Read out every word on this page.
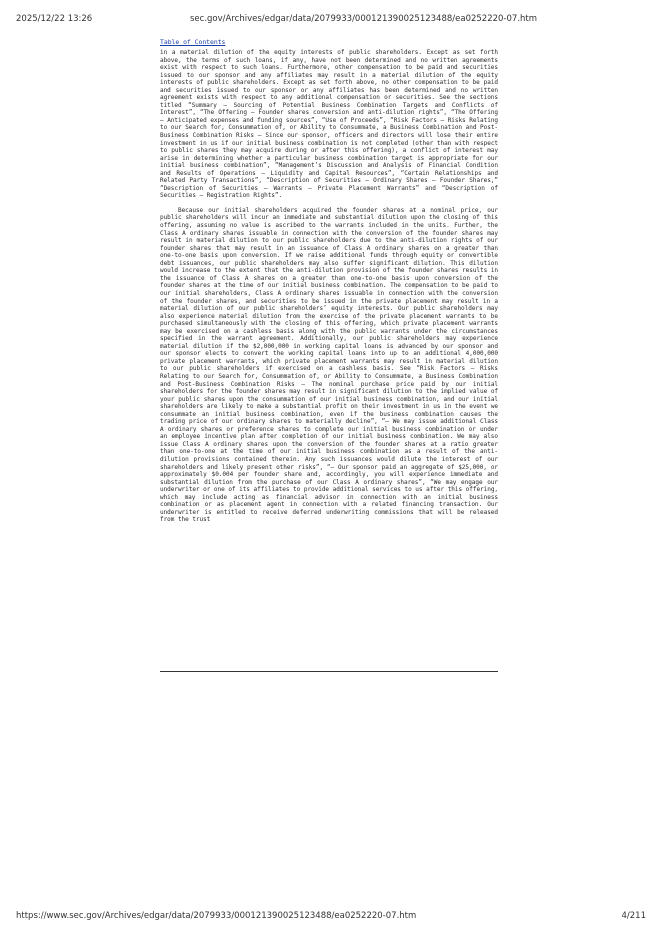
2025/12/22 13:26	sec.gov/Archives/edgar/data/2079933/000121390025123488/ea0252220-07.htm
Table of Contents

in a material dilution of the equity interests of public shareholders. Except as set forth above, the terms of such loans, if any, have not been determined and no written agreements exist with respect to such loans. Furthermore, other compensation to be paid and securities issued to our sponsor and any affiliates may result in a material dilution of the equity interests of public shareholders. Except as set forth above, no other compensation to be paid and securities issued to our sponsor or any affiliates has been determined and no written agreement exists with respect to any additional compensation or securities. See the sections titled “Summary — Sourcing of Potential Business Combination Targets and Conflicts of Interest”, “The Offering — Founder shares conversion and anti-dilution rights”, “The Offering — Anticipated expenses and funding sources”, “Use of Proceeds”, “Risk Factors — Risks Relating to our Search for, Consummation of, or Ability to Consummate, a Business Combination and Post-Business Combination Risks — Since our sponsor, officers and directors will lose their entire investment in us if our initial business combination is not completed (other than with respect to public shares they may acquire during or after this offering), a conflict of interest may arise in determining whether a particular business combination target is appropriate for our initial business combination”, “Management’s Discussion and Analysis of Financial Condition and Results of Operations — Liquidity and Capital Resources”, “Certain Relationships and Related Party Transactions”, “Description of Securities — Ordinary Shares — Founder Shares,” “Description of Securities — Warrants — Private Placement Warrants” and “Description of Securities — Registration Rights”.

Because our initial shareholders acquired the founder shares at a nominal price, our public shareholders will incur an immediate and substantial dilution upon the closing of this offering, assuming no value is ascribed to the warrants included in the units. Further, the Class A ordinary shares issuable in connection with the conversion of the founder shares may result in material dilution to our public shareholders due to the anti-dilution rights of our founder shares that may result in an issuance of Class A ordinary shares on a greater than one-to-one basis upon conversion. If we raise additional funds through equity or convertible debt issuances, our public shareholders may also suffer significant dilution. This dilution would increase to the extent that the anti-dilution provision of the founder shares results in the issuance of Class A shares on a greater than one-to-one basis upon conversion of the founder shares at the time of our initial business combination. The compensation to be paid to our initial shareholders, Class A ordinary shares issuable in connection with the conversion of the founder shares, and securities to be issued in the private placement may result in a material dilution of our public shareholders’ equity interests. Our public shareholders may also experience material dilution from the exercise of the private placement warrants to be purchased simultaneously with the closing of this offering, which private placement warrants may be exercised on a cashless basis along with the public warrants under the circumstances specified in the warrant agreement. Additionally, our public shareholders may experience material dilution if the $2,000,000 in working capital loans is advanced by our sponsor and our sponsor elects to convert the working capital loans into up to an additional 4,000,000 private placement warrants, which private placement warrants may result in material dilution to our public shareholders if exercised on a cashless basis. See “Risk Factors — Risks Relating to our Search for, Consummation of, or Ability to Consummate, a Business Combination and Post-Business Combination Risks — The nominal purchase price paid by our initial shareholders for the founder shares may result in significant dilution to the implied value of your public shares upon the consummation of our initial business combination, and our initial shareholders are likely to make a substantial profit on their investment in us in the event we consummate an initial business combination, even if the business combination causes the trading price of our ordinary shares to materially decline”, “— We may issue additional Class A ordinary shares or preference shares to complete our initial business combination or under an employee incentive plan after completion of our initial business combination. We may also issue Class A ordinary shares upon the conversion of the founder shares at a ratio greater than one-to-one at the time of our initial business combination as a result of the anti-dilution provisions contained therein. Any such issuances would dilute the interest of our shareholders and likely present other risks”, “— Our sponsor paid an aggregate of $25,000, or approximately $0.004 per founder share and, accordingly, you will experience immediate and substantial dilution from the purchase of our Class A ordinary shares”, “We may engage our underwriter or one of its affiliates to provide additional services to us after this offering, which may include acting as financial advisor in connection with an initial business combination or as placement agent in connection with a related financing transaction. Our underwriter is entitled to receive deferred underwriting commissions that will be released from the trust

https://www.sec.gov/Archives/edgar/data/2079933/000121390025123488/ea0252220-07.htm	4/211
